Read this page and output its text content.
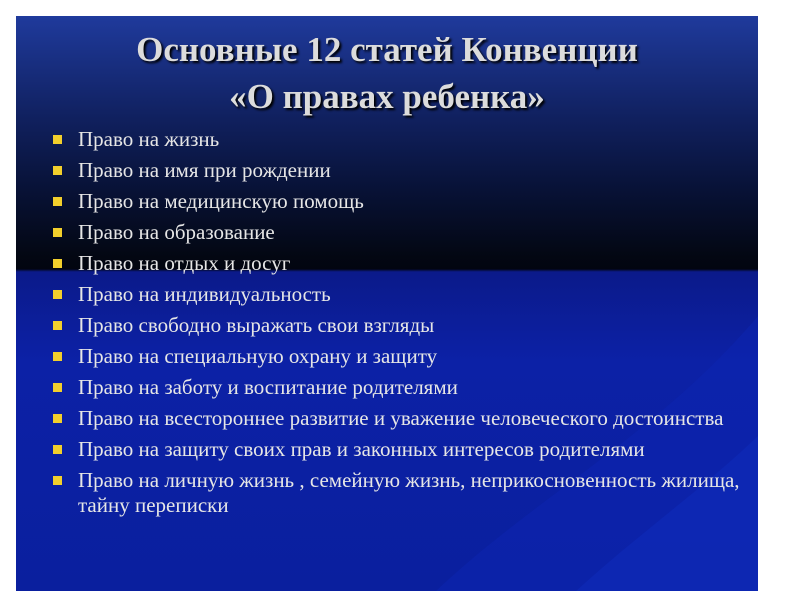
Основные 12 статей Конвенции
«О правах ребенка»
Право на жизнь
Право на имя при рождении
Право на медицинскую помощь
Право на образование
Право на отдых и досуг
Право на индивидуальность
Право свободно выражать свои взгляды
Право на специальную охрану и защиту
Право на заботу и воспитание родителями
Право на всестороннее развитие и уважение человеческого достоинства
Право на защиту своих прав и законных интересов родителями
Право на личную жизнь , семейную жизнь, неприкосновенность жилища, тайну переписки
